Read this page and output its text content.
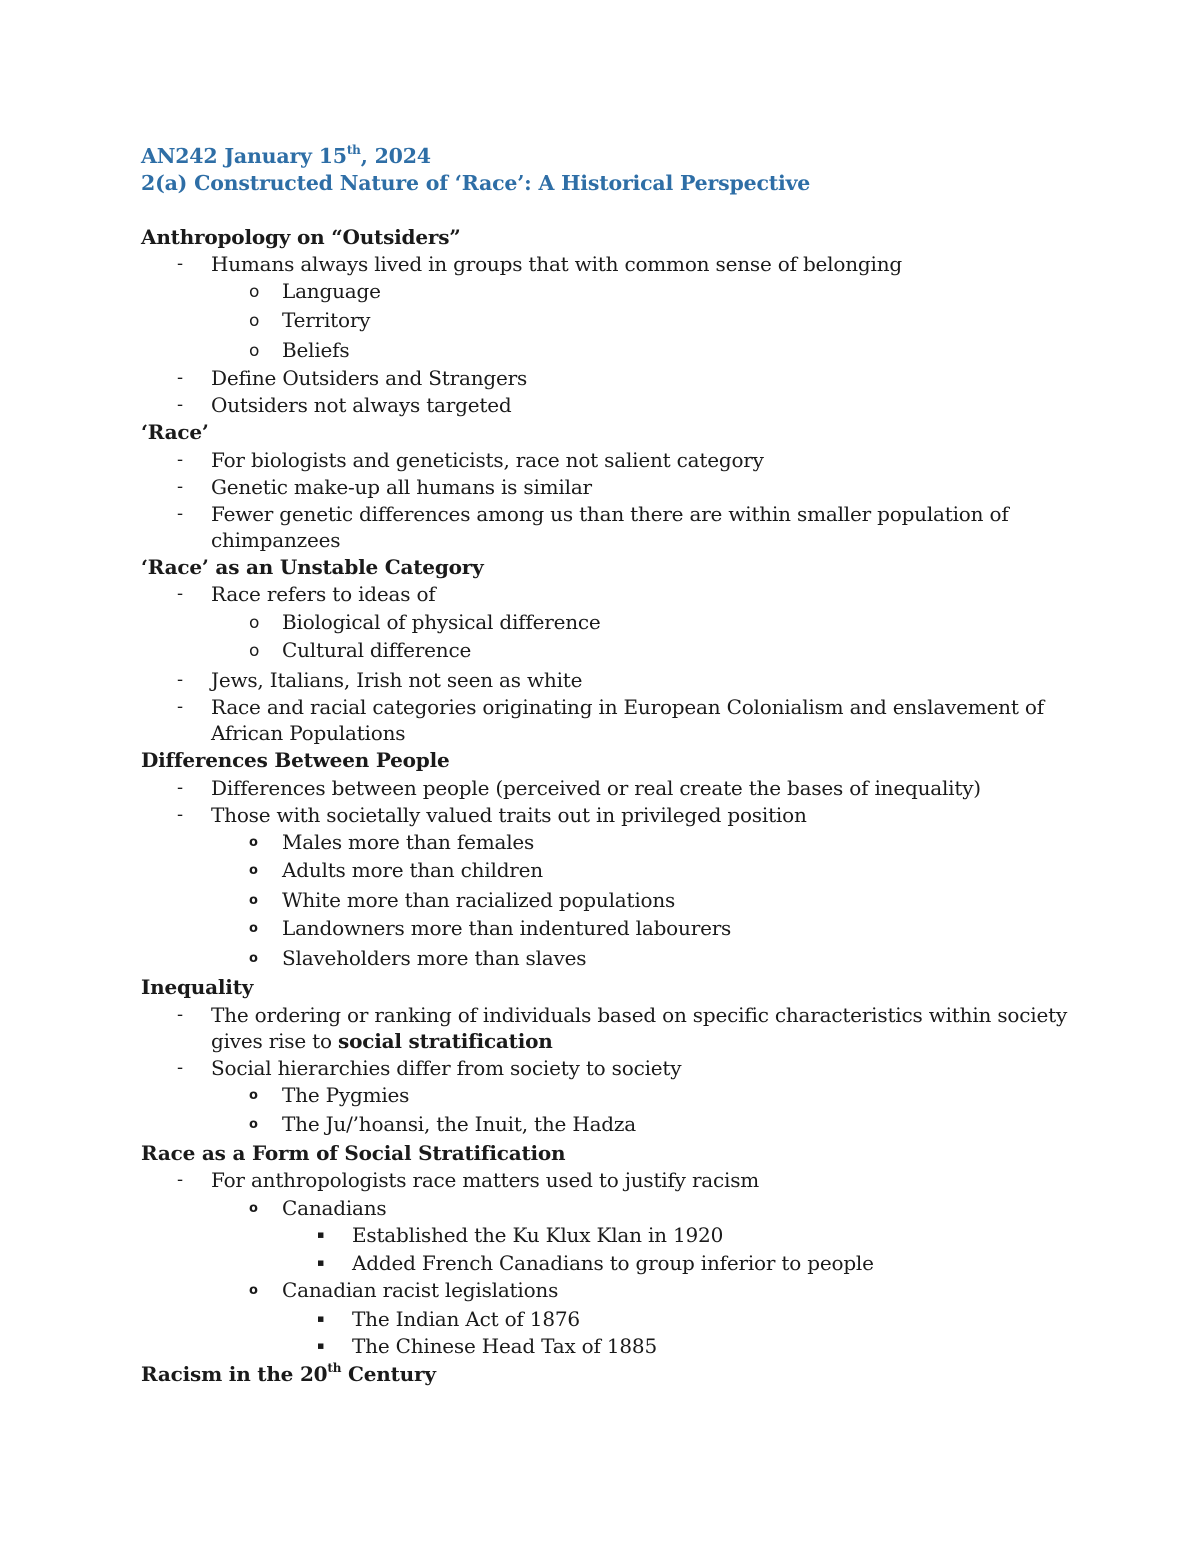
AN242 January 15th, 2024
2(a) Constructed Nature of ‘Race’: A Historical Perspective
Anthropology on “Outsiders”
- Humans always lived in groups that with common sense of belonging
o Language
o Territory
o Beliefs
- Define Outsiders and Strangers
- Outsiders not always targeted
‘Race’
- For biologists and geneticists, race not salient category
- Genetic make-up all humans is similar
- Fewer genetic differences among us than there are within smaller population of
chimpanzees
‘Race’ as an Unstable Category
- Race refers to ideas of
o Biological of physical difference
o Cultural difference
- Jews, Italians, Irish not seen as white
- Race and racial categories originating in European Colonialism and enslavement of
African Populations
Differences Between People
- Differences between people (perceived or real create the bases of inequality)
- Those with societally valued traits out in privileged position
o Males more than females
o Adults more than children
o White more than racialized populations
o Landowners more than indentured labourers
o Slaveholders more than slaves
Inequality
- The ordering or ranking of individuals based on specific characteristics within society
gives rise to social stratification
- Social hierarchies differ from society to society
o The Pygmies
o The Ju/’hoansi, the Inuit, the Hadza
Race as a Form of Social Stratification
- For anthropologists race matters used to justify racism
o Canadians
▪ Established the Ku Klux Klan in 1920
▪ Added French Canadians to group inferior to people
o Canadian racist legislations
▪ The Indian Act of 1876
▪ The Chinese Head Tax of 1885
Racism in the 20th Century
